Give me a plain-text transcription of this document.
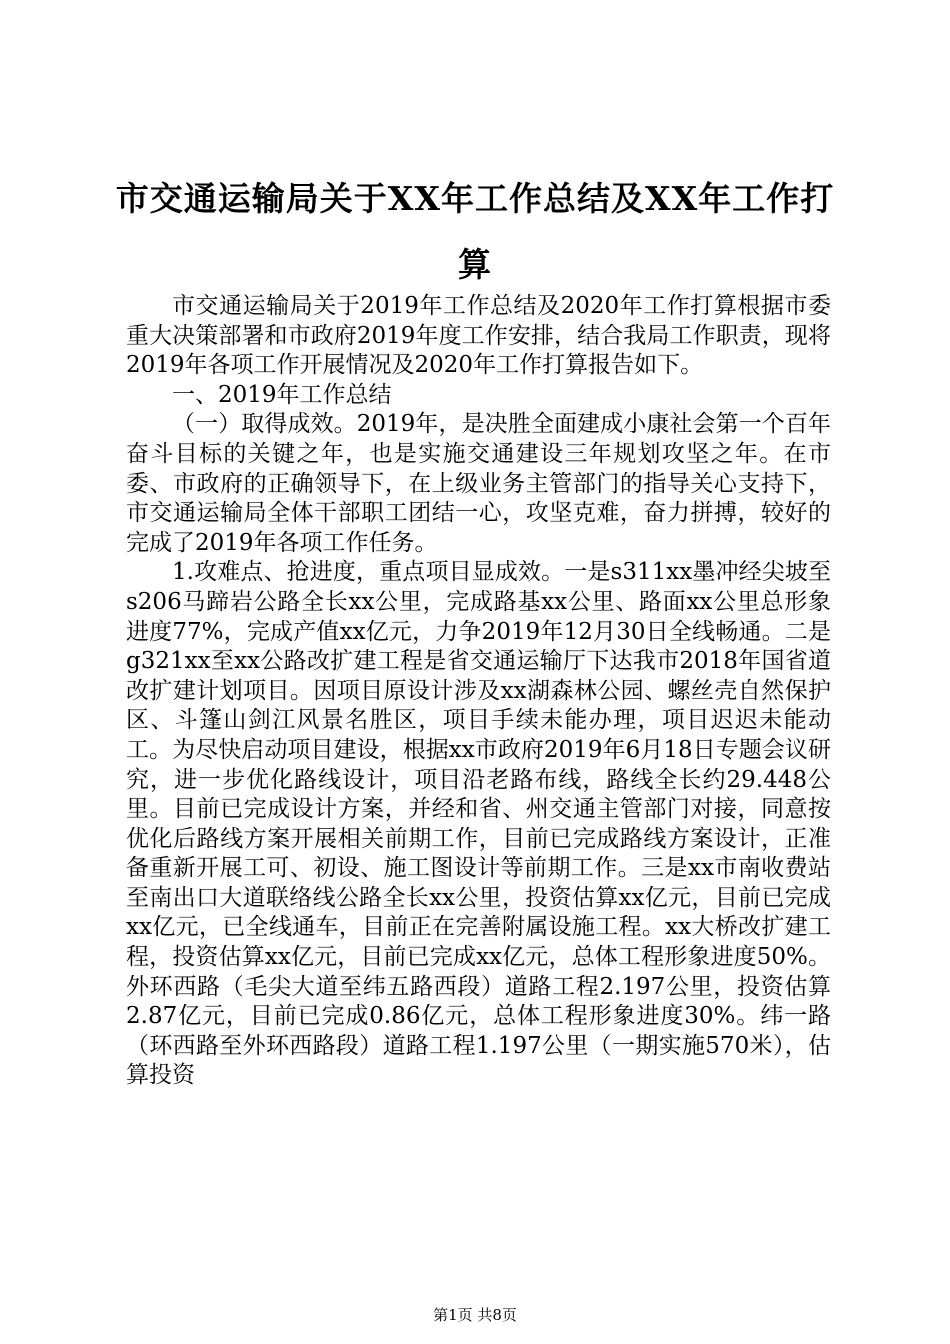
市交通运输局关于XX年工作总结及XX年工作打算

市交通运输局关于2019年工作总结及2020年工作打算根据市委重大决策部署和市政府2019年度工作安排，结合我局工作职责，现将2019年各项工作开展情况及2020年工作打算报告如下。

一、2019年工作总结

（一）取得成效。2019年，是决胜全面建成小康社会第一个百年奋斗目标的关键之年，也是实施交通建设三年规划攻坚之年。在市委、市政府的正确领导下，在上级业务主管部门的指导关心支持下，市交通运输局全体干部职工团结一心，攻坚克难，奋力拼搏，较好的完成了2019年各项工作任务。

1.攻难点、抢进度，重点项目显成效。一是s311xx墨冲经尖坡至s206马蹄岩公路全长xx公里，完成路基xx公里、路面xx公里总形象进度77%，完成产值xx亿元，力争2019年12月30日全线畅通。二是g321xx至xx公路改扩建工程是省交通运输厅下达我市2018年国省道改扩建计划项目。因项目原设计涉及xx湖森林公园、螺丝壳自然保护区、斗篷山剑江风景名胜区，项目手续未能办理，项目迟迟未能动工。为尽快启动项目建设，根据xx市政府2019年6月18日专题会议研究，进一步优化路线设计，项目沿老路布线，路线全长约29.448公里。目前已完成设计方案，并经和省、州交通主管部门对接，同意按优化后路线方案开展相关前期工作，目前已完成路线方案设计，正准备重新开展工可、初设、施工图设计等前期工作。三是xx市南收费站至南出口大道联络线公路全长xx公里，投资估算xx亿元，目前已完成xx亿元，已全线通车，目前正在完善附属设施工程。xx大桥改扩建工程，投资估算xx亿元，目前已完成xx亿元，总体工程形象进度50%。外环西路（毛尖大道至纬五路西段）道路工程2.197公里，投资估算2.87亿元，目前已完成0.86亿元，总体工程形象进度30%。纬一路（环西路至外环西路段）道路工程1.197公里（一期实施570米），估算投资

第1页 共8页
